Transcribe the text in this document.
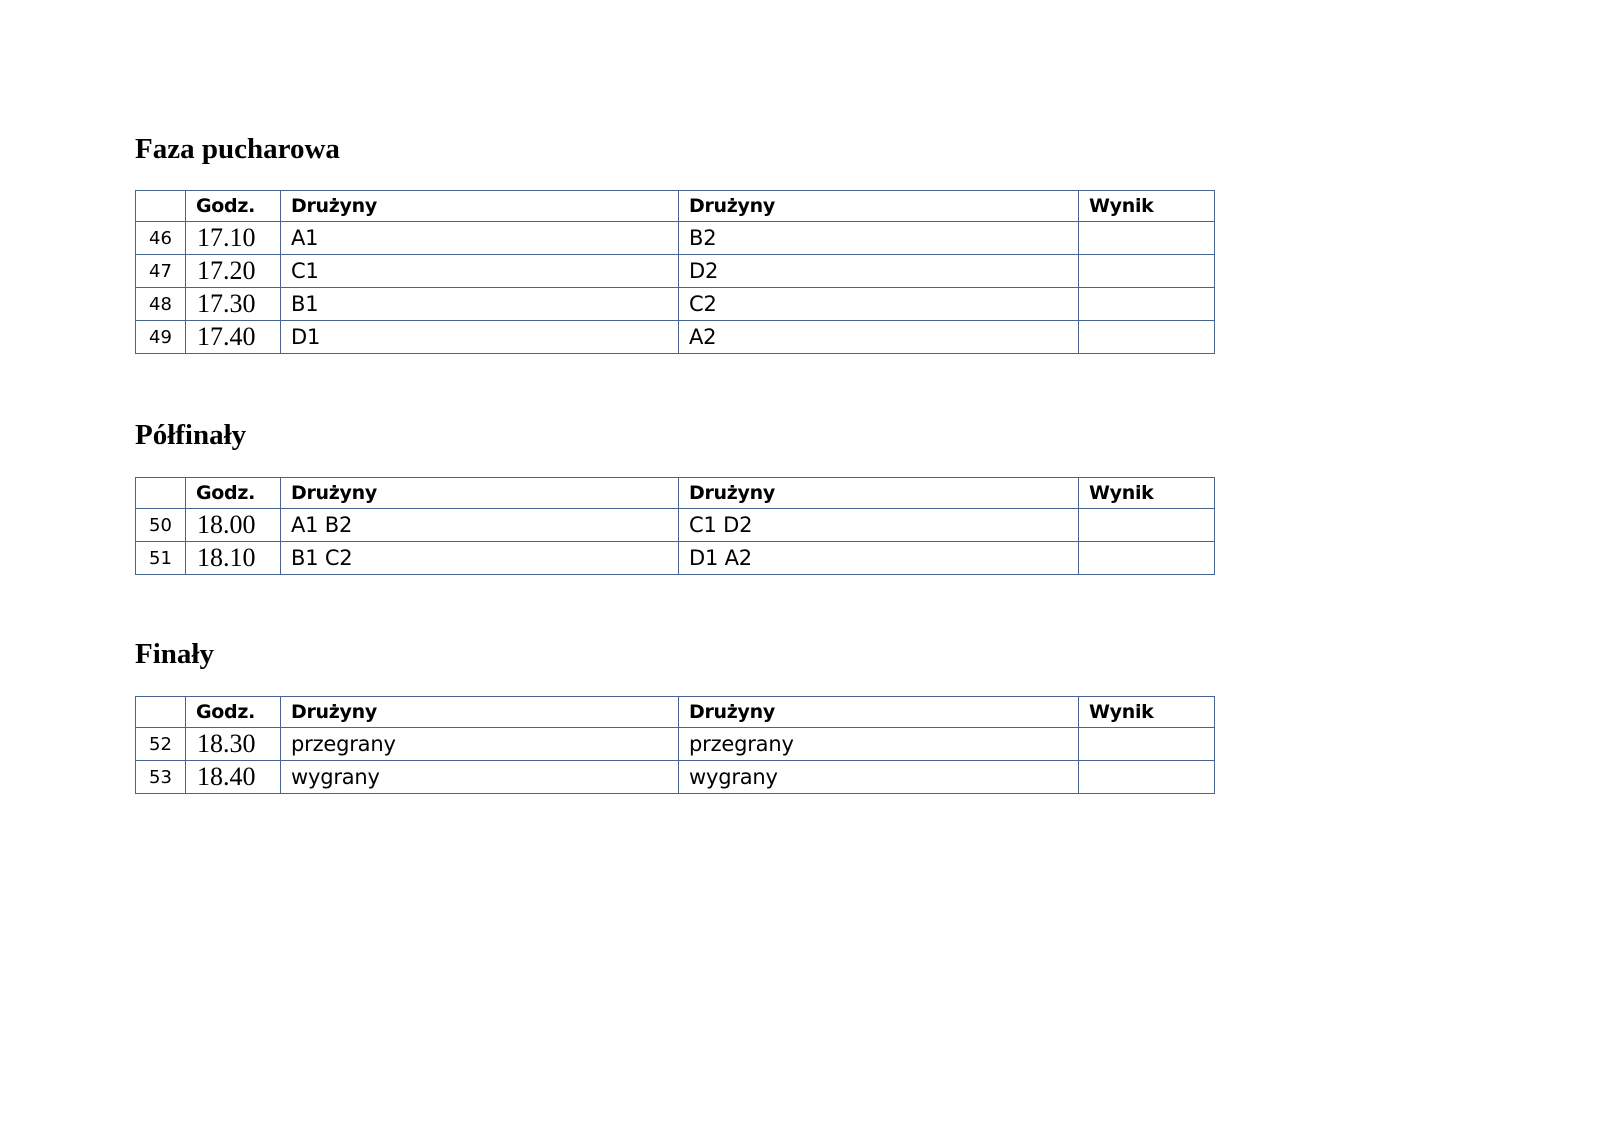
Faza pucharowa
	Godz.	Drużyny	Drużyny	Wynik
46	17.10	A1	B2	
47	17.20	C1	D2	
48	17.30	B1	C2	
49	17.40	D1	A2	
Półfinały
	Godz.	Drużyny	Drużyny	Wynik
50	18.00	A1 B2	C1 D2	
51	18.10	B1 C2	D1 A2	
Finały
	Godz.	Drużyny	Drużyny	Wynik
52	18.30	przegrany	przegrany	
53	18.40	wygrany	wygrany	
